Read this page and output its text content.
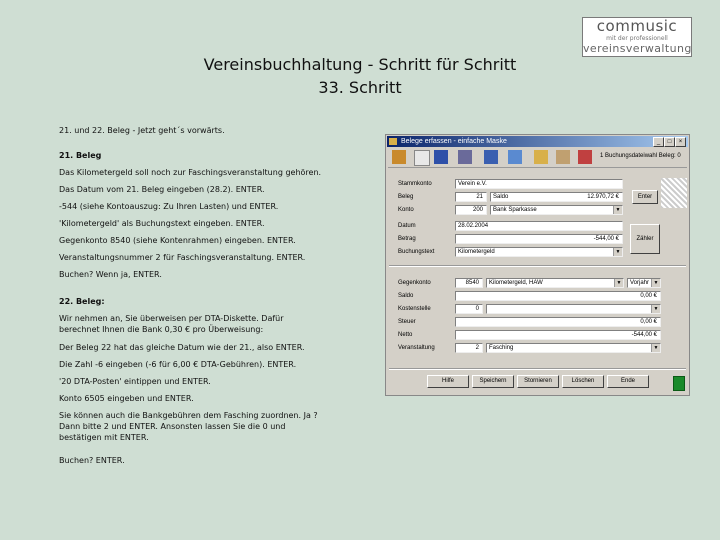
commusic
mit der professionell
vereinsverwaltung
Vereinsbuchhaltung - Schritt für Schritt
33. Schritt
21. und 22. Beleg - Jetzt geht´s vorwärts.
21. Beleg
Das Kilometergeld soll noch zur Faschingsveranstaltung gehören.
Das Datum vom 21. Beleg eingeben (28.2). ENTER.
-544 (siehe Kontoauszug: Zu Ihren Lasten) und ENTER.
'Kilometergeld' als Buchungstext eingeben. ENTER.
Gegenkonto 8540 (siehe Kontenrahmen) eingeben. ENTER.
Veranstaltungsnummer 2 für Faschingsveranstaltung. ENTER.
Buchen? Wenn ja, ENTER.
22. Beleg:
Wir nehmen an, Sie überweisen per DTA-Diskette. Dafür
berechnet Ihnen die Bank 0,30 € pro Überweisung:
Der Beleg 22 hat das gleiche Datum wie der 21., also ENTER.
Die Zahl -6 eingeben (-6 für 6,00 € DTA-Gebühren). ENTER.
'20 DTA-Posten' eintippen und ENTER.
Konto 6505 eingeben und ENTER.
Sie können auch die Bankgebühren dem Fasching zuordnen. Ja ?
Dann bitte 2 und ENTER. Ansonsten lassen Sie die 0 und
bestätigen mit ENTER.
Buchen? ENTER.
Belege erfassen - einfache Maske	_	□	×
1 Buchungsdateiwahl Beleg: 0
Stammkonto	Verein e.V.
Beleg	21	Saldo	12.970,72 €
Konto	200	Bank Sparkasse	▼
Enter
Datum	28.02.2004
Betrag	-544,00 €	Zähler
Buchungstext	Kilometergeld	▼
Gegenkonto	8540	Kilometergeld, HAW	▼	Vorjahr ▼
Saldo	0,00 €
Kostenstelle	0	▼
Steuer	0,00 €
Netto	-544,00 €
Veranstaltung	2	Fasching	▼
Hilfe	Speichern	Stornieren	Löschen	Ende
